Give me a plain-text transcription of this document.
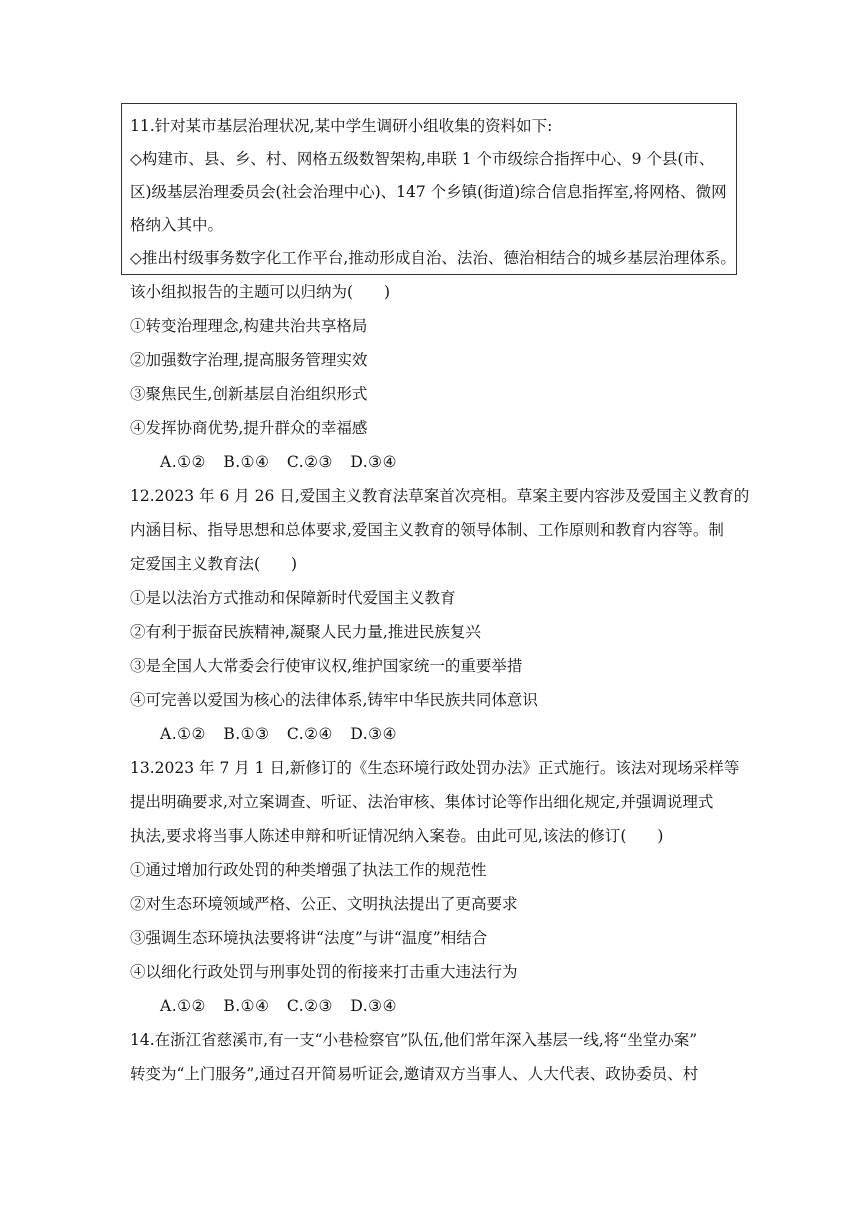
11.针对某市基层治理状况,某中学生调研小组收集的资料如下:
◇构建市、县、乡、村、网格五级数智架构,串联 1 个市级综合指挥中心、9 个县(市、
区)级基层治理委员会(社会治理中心)、147 个乡镇(街道)综合信息指挥室,将网格、微网
格纳入其中。
◇推出村级事务数字化工作平台,推动形成自治、法治、德治相结合的城乡基层治理体系。
该小组拟报告的主题可以归纳为(　　)
①转变治理理念,构建共治共享格局
②加强数字治理,提高服务管理实效
③聚焦民生,创新基层自治组织形式
④发挥协商优势,提升群众的幸福感
A.①② B.①④ C.②③ D.③④
12.2023 年 6 月 26 日,爱国主义教育法草案首次亮相。草案主要内容涉及爱国主义教育的
内涵目标、指导思想和总体要求,爱国主义教育的领导体制、工作原则和教育内容等。制
定爱国主义教育法(　　)
①是以法治方式推动和保障新时代爱国主义教育
②有利于振奋民族精神,凝聚人民力量,推进民族复兴
③是全国人大常委会行使审议权,维护国家统一的重要举措
④可完善以爱国为核心的法律体系,铸牢中华民族共同体意识
A.①② B.①③ C.②④ D.③④
13.2023 年 7 月 1 日,新修订的《生态环境行政处罚办法》正式施行。该法对现场采样等
提出明确要求,对立案调查、听证、法治审核、集体讨论等作出细化规定,并强调说理式
执法,要求将当事人陈述申辩和听证情况纳入案卷。由此可见,该法的修订(　　)
①通过增加行政处罚的种类增强了执法工作的规范性
②对生态环境领域严格、公正、文明执法提出了更高要求
③强调生态环境执法要将讲“法度”与讲“温度”相结合
④以细化行政处罚与刑事处罚的衔接来打击重大违法行为
A.①② B.①④ C.②③ D.③④
14.在浙江省慈溪市,有一支“小巷检察官”队伍,他们常年深入基层一线,将“坐堂办案”
转变为“上门服务”,通过召开简易听证会,邀请双方当事人、人大代表、政协委员、村
